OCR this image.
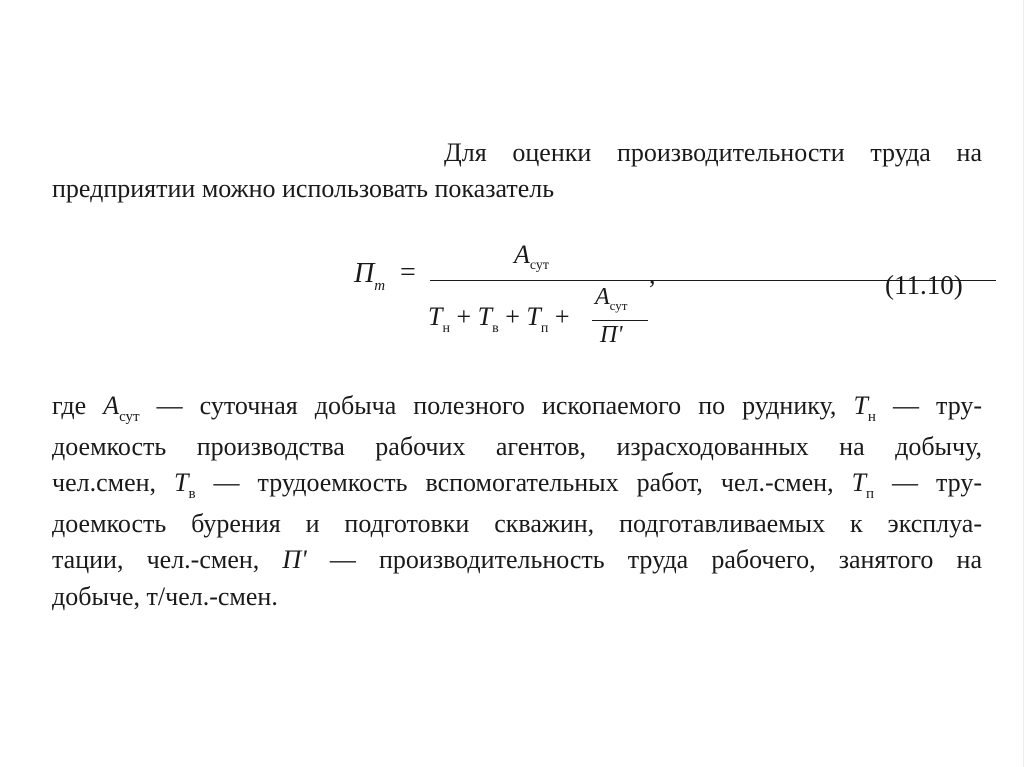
Для оценки производительности труда на
предприятии можно использовать показатель
$П_т$ =
$A_{сут}$
$T_н + T_в + T_п$ +
$A_{сут}$
П'
,	(11.10)
где $A_{сут}$ — суточная добыча полезного ископаемого по руднику, $T_н$ — тру-
доемкость производства рабочих агентов, израсходованных на добычу,
чел.смен, $T_в$ — трудоемкость вспомогательных работ, чел.-смен, $T_п$ — тру-
доемкость бурения и подготовки скважин, подготавливаемых к эксплуа-
тации, чел.-смен, П' — производительность труда рабочего, занятого на
добыче, т/чел.-смен.
